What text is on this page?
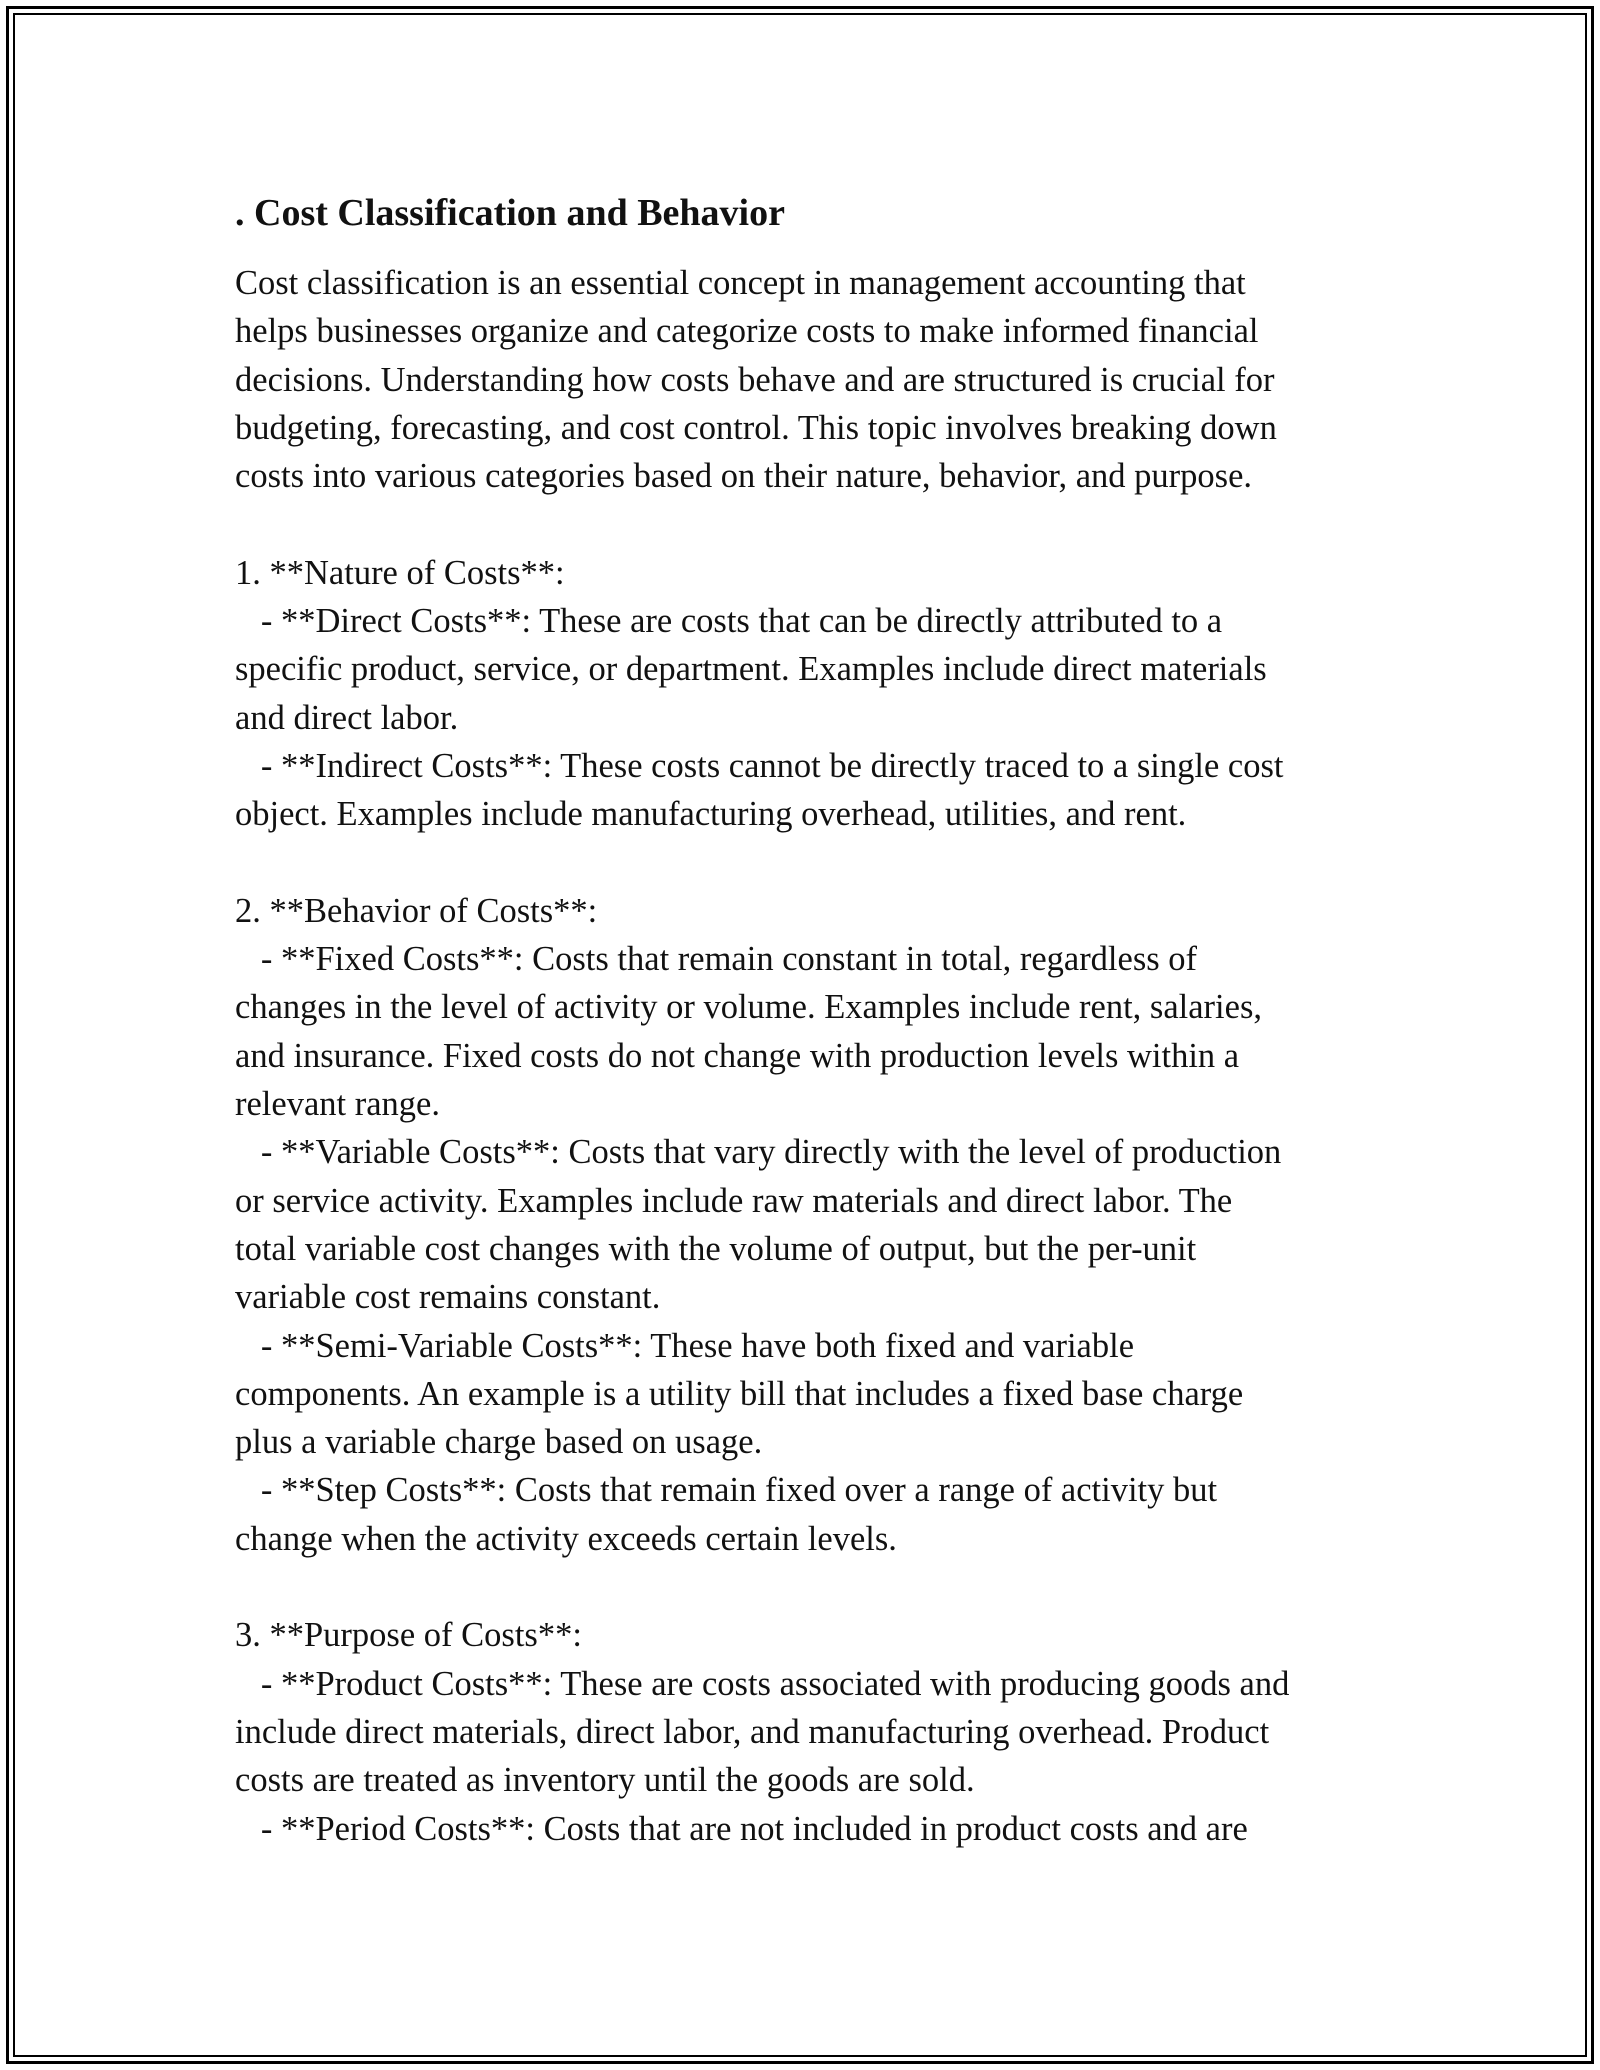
. Cost Classification and Behavior
Cost classification is an essential concept in management accounting that
helps businesses organize and categorize costs to make informed financial
decisions. Understanding how costs behave and are structured is crucial for
budgeting, forecasting, and cost control. This topic involves breaking down
costs into various categories based on their nature, behavior, and purpose.
1. **Nature of Costs**:
- **Direct Costs**: These are costs that can be directly attributed to a
specific product, service, or department. Examples include direct materials
and direct labor.
- **Indirect Costs**: These costs cannot be directly traced to a single cost
object. Examples include manufacturing overhead, utilities, and rent.
2. **Behavior of Costs**:
- **Fixed Costs**: Costs that remain constant in total, regardless of
changes in the level of activity or volume. Examples include rent, salaries,
and insurance. Fixed costs do not change with production levels within a
relevant range.
- **Variable Costs**: Costs that vary directly with the level of production
or service activity. Examples include raw materials and direct labor. The
total variable cost changes with the volume of output, but the per-unit
variable cost remains constant.
- **Semi-Variable Costs**: These have both fixed and variable
components. An example is a utility bill that includes a fixed base charge
plus a variable charge based on usage.
- **Step Costs**: Costs that remain fixed over a range of activity but
change when the activity exceeds certain levels.
3. **Purpose of Costs**:
- **Product Costs**: These are costs associated with producing goods and
include direct materials, direct labor, and manufacturing overhead. Product
costs are treated as inventory until the goods are sold.
- **Period Costs**: Costs that are not included in product costs and are
